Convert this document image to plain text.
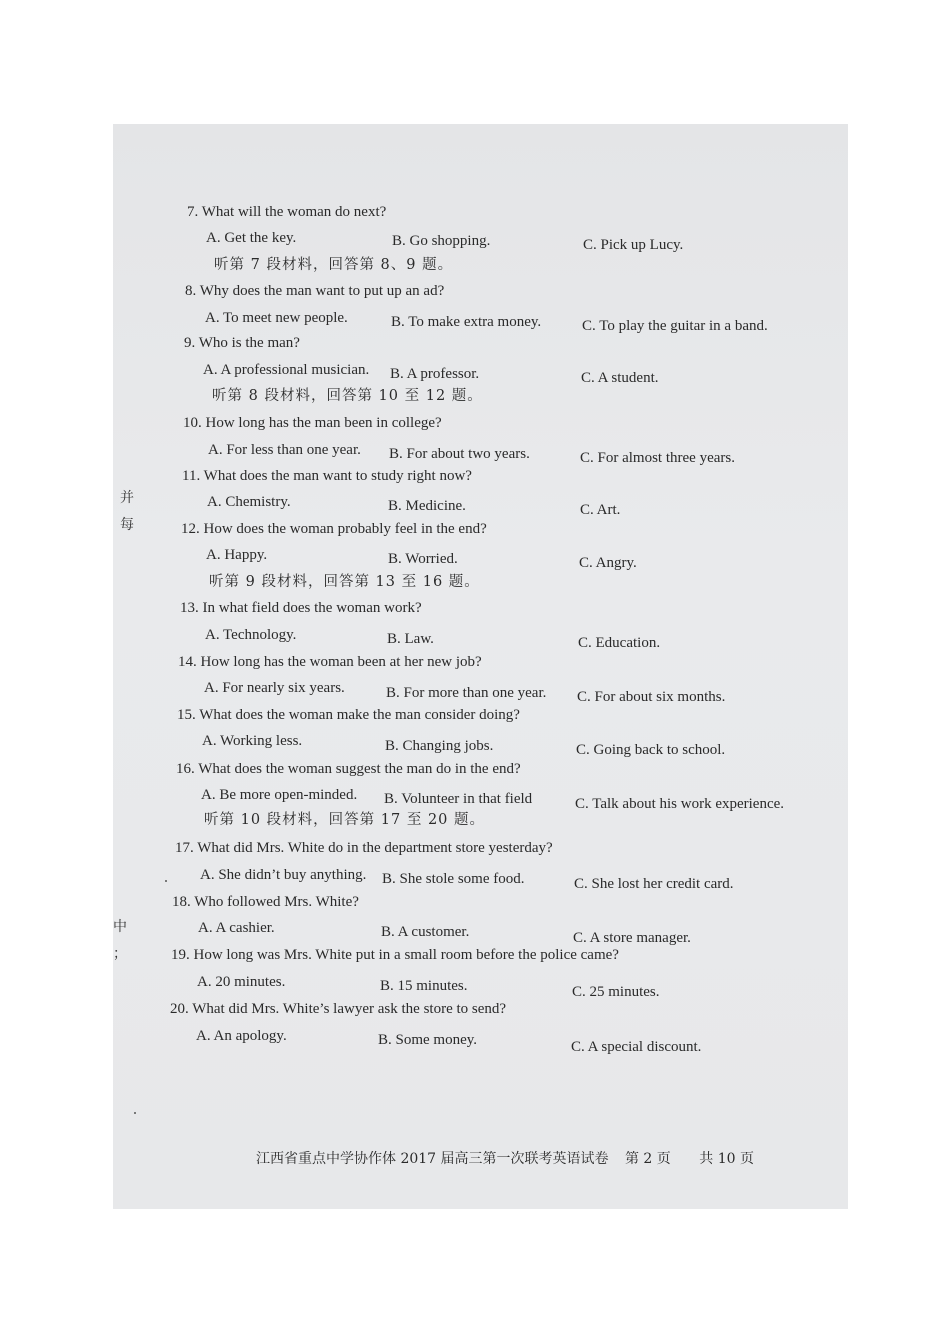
并
每
中
；
7. What will the woman do next?
A. Get the key.	B. Go shopping.	C. Pick up Lucy.
听第 7 段材料，回答第 8、9 题。
8. Why does the man want to put up an ad?
A. To meet new people.	B. To make extra money.	C. To play the guitar in a band.
9. Who is the man?
A. A professional musician. B. A professor.	C. A student.
听第 8 段材料，回答第 10 至 12 题。
10. How long has the man been in college?
A. For less than one year. B. For about two years.	C. For almost three years.
11. What does the man want to study right now?
A. Chemistry.	B. Medicine.	C. Art.
12. How does the woman probably feel in the end?
A. Happy.	B. Worried.	C. Angry.
听第 9 段材料，回答第 13 至 16 题。
13. In what field does the woman work?
A. Technology.	B. Law.	C. Education.
14. How long has the woman been at her new job?
A. For nearly six years.	B. For more than one year. C. For about six months.
15. What does the woman make the man consider doing?
A. Working less.	B. Changing jobs.	C. Going back to school.
16. What does the woman suggest the man do in the end?
A. Be more open-minded. B. Volunteer in that field	C. Talk about his work experience.
听第 10 段材料，回答第 17 至 20 题。
17. What did Mrs. White do in the department store yesterday?
A. She didn’t buy anything. B. She stole some food.	C. She lost her credit card.
18. Who followed Mrs. White?
A. A cashier.	B. A customer.	C. A store manager.
19. How long was Mrs. White put in a small room before the police came?
A. 20 minutes.	B. 15 minutes.	C. 25 minutes.
20. What did Mrs. White’s lawyer ask the store to send?
A. An apology.	B. Some money.	C. A special discount.
江西省重点中学协作体 2017 届高三第一次联考英语试卷 第 2 页 共 10 页
